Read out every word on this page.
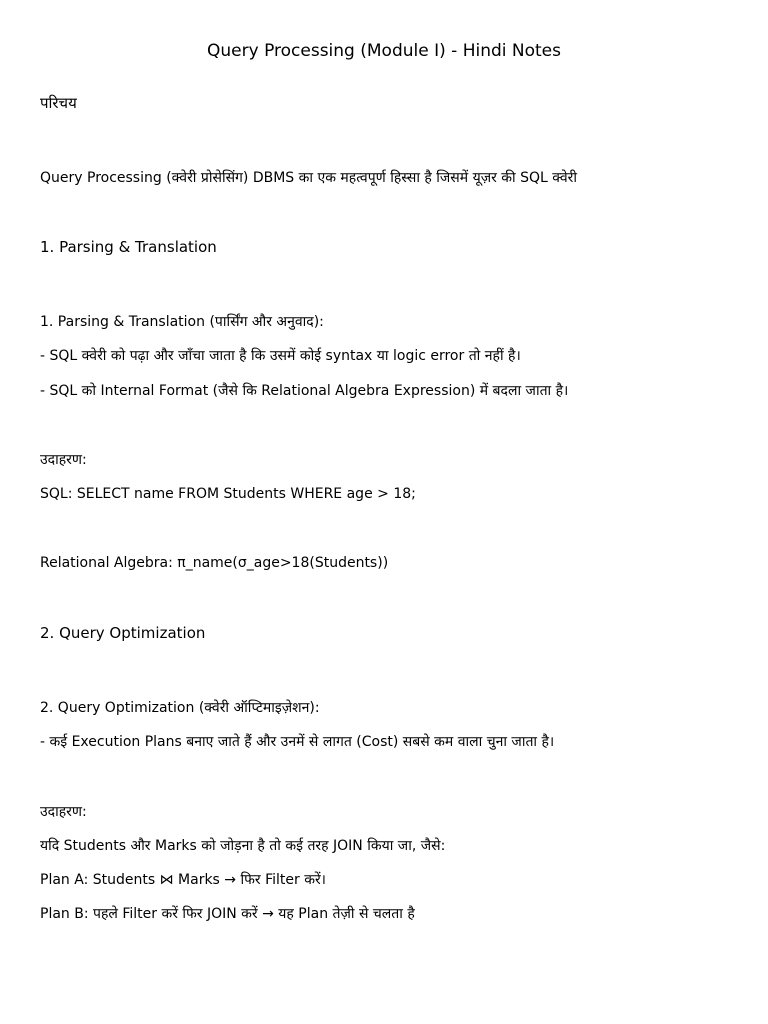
Query Processing (Module I) - Hindi Notes
परिचय
Query Processing (क्वेरी प्रोसेसिंग) DBMS का एक महत्वपूर्ण हिस्सा है जिसमें यूज़र की SQL क्वेरी
1. Parsing & Translation
1. Parsing & Translation (पार्सिंग और अनुवाद):
- SQL क्वेरी को पढ़ा और जाँचा जाता है कि उसमें कोई syntax या logic error तो नहीं है।
- SQL को Internal Format (जैसे कि Relational Algebra Expression) में बदला जाता है।
उदाहरण:
SQL: SELECT name FROM Students WHERE age > 18;
Relational Algebra: π_name(σ_age>18(Students))
2. Query Optimization
2. Query Optimization (क्वेरी ऑप्टिमाइज़ेशन):
- कई Execution Plans बनाए जाते हैं और उनमें से लागत (Cost) सबसे कम वाला चुना जाता है।
उदाहरण:
यदि Students और Marks को जोड़ना है तो कई तरह JOIN किया जा, जैसे:
Plan A: Students ⋈ Marks → फिर Filter करें।
Plan B: पहले Filter करें फिर JOIN करें → यह Plan तेज़ी से चलता है
